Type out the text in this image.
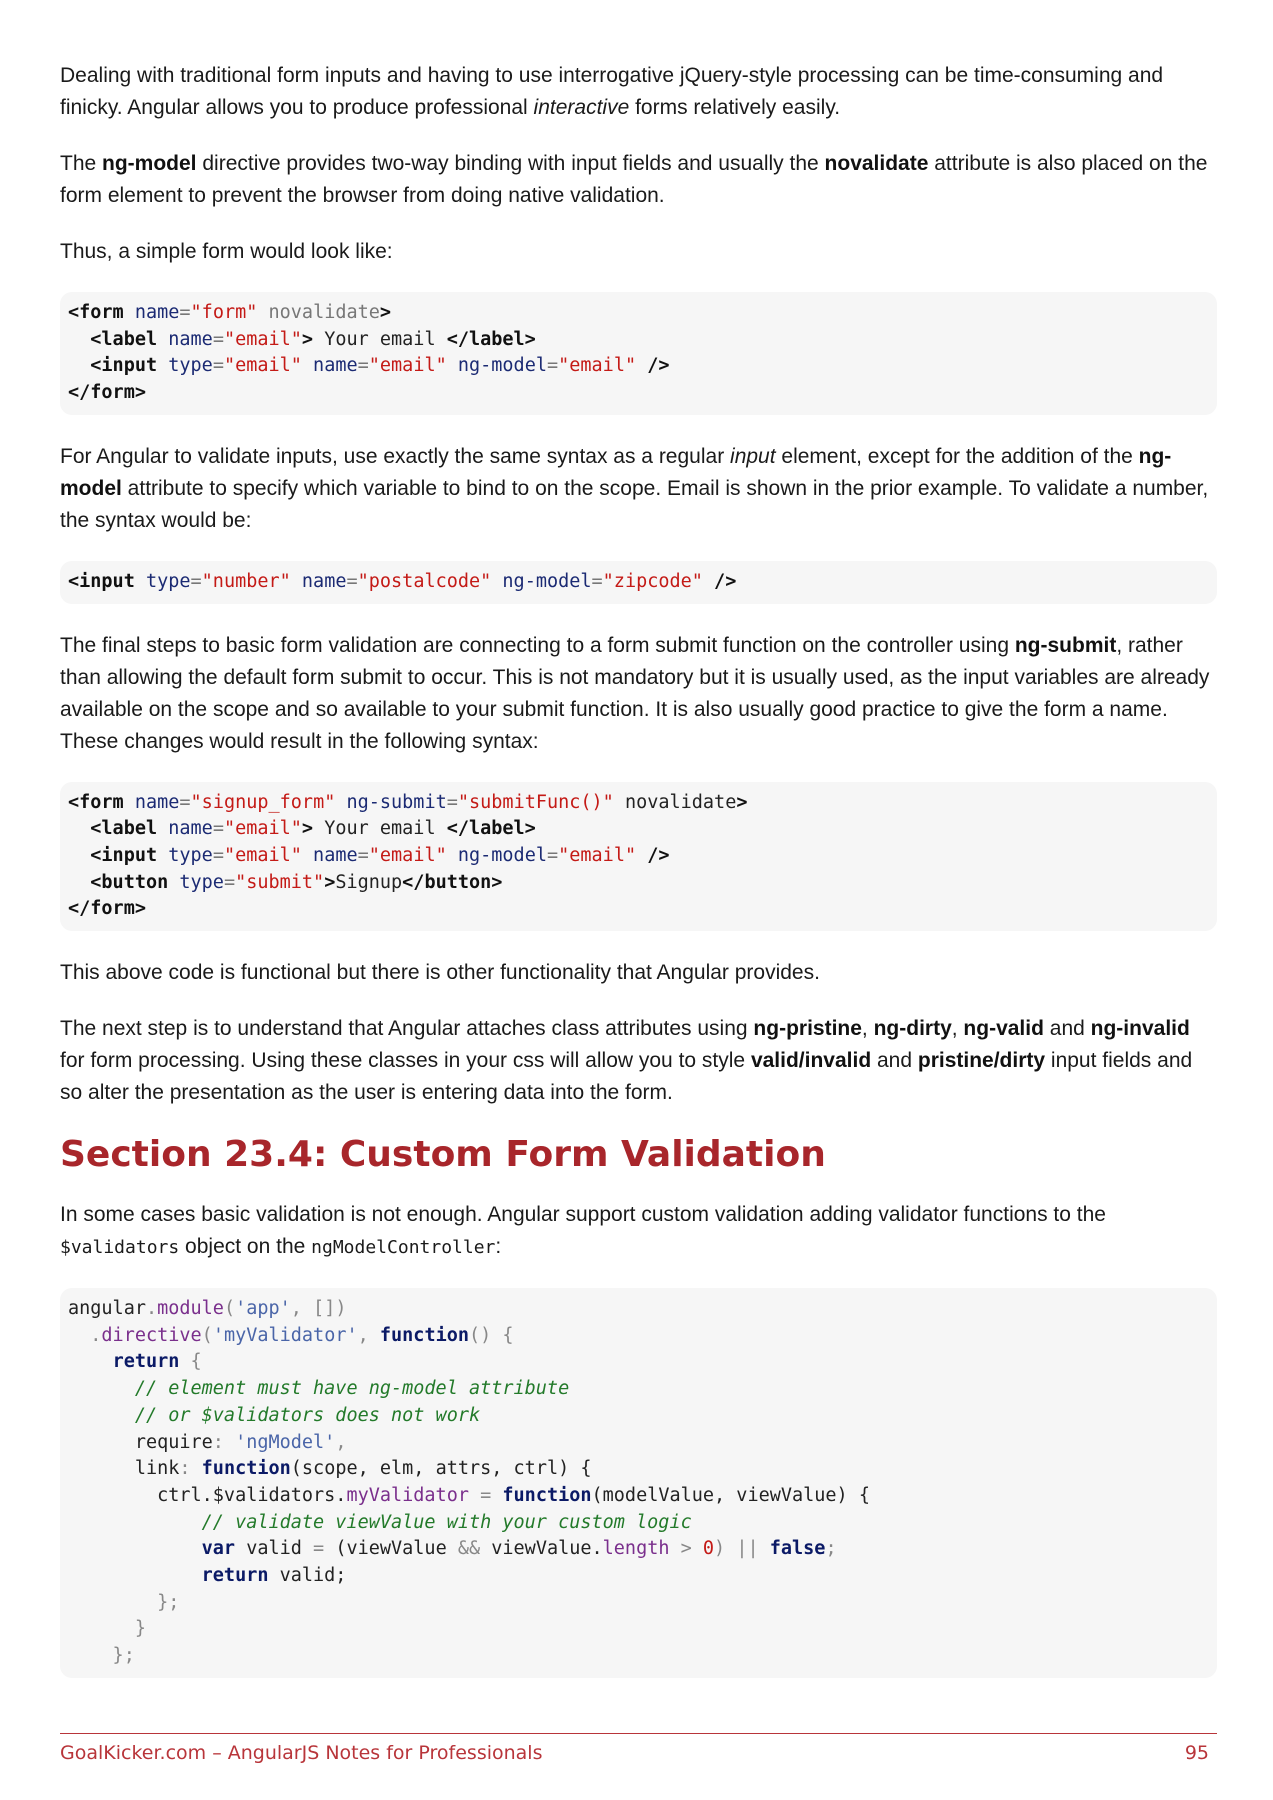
Dealing with traditional form inputs and having to use interrogative jQuery-style processing can be time-consuming and finicky. Angular allows you to produce professional interactive forms relatively easily.

The ng-model directive provides two-way binding with input fields and usually the novalidate attribute is also placed on the form element to prevent the browser from doing native validation.

Thus, a simple form would look like:

<form name="form" novalidate>
<label name="email"> Your email </label>
<input type="email" name="email" ng-model="email" />
</form>

For Angular to validate inputs, use exactly the same syntax as a regular input element, except for the addition of the ng-model attribute to specify which variable to bind to on the scope. Email is shown in the prior example. To validate a number, the syntax would be:

<input type="number" name="postalcode" ng-model="zipcode" />

The final steps to basic form validation are connecting to a form submit function on the controller using ng-submit, rather than allowing the default form submit to occur. This is not mandatory but it is usually used, as the input variables are already available on the scope and so available to your submit function. It is also usually good practice to give the form a name. These changes would result in the following syntax:

<form name="signup_form" ng-submit="submitFunc()" novalidate>
<label name="email"> Your email </label>
<input type="email" name="email" ng-model="email" />
<button type="submit">Signup</button>
</form>

This above code is functional but there is other functionality that Angular provides.

The next step is to understand that Angular attaches class attributes using ng-pristine, ng-dirty, ng-valid and ng-invalid for form processing. Using these classes in your css will allow you to style valid/invalid and pristine/dirty input fields and so alter the presentation as the user is entering data into the form.

Section 23.4: Custom Form Validation

In some cases basic validation is not enough. Angular support custom validation adding validator functions to the $validators object on the ngModelController:

angular.module('app', [])
.directive('myValidator', function() {
return {
// element must have ng-model attribute
// or $validators does not work
require: 'ngModel',
link: function(scope, elm, attrs, ctrl) {
ctrl.$validators.myValidator = function(modelValue, viewValue) {
// validate viewValue with your custom logic
var valid = (viewValue && viewValue.length > 0) || false;
return valid;
};
}
};
GoalKicker.com – AngularJS Notes for Professionals	95
